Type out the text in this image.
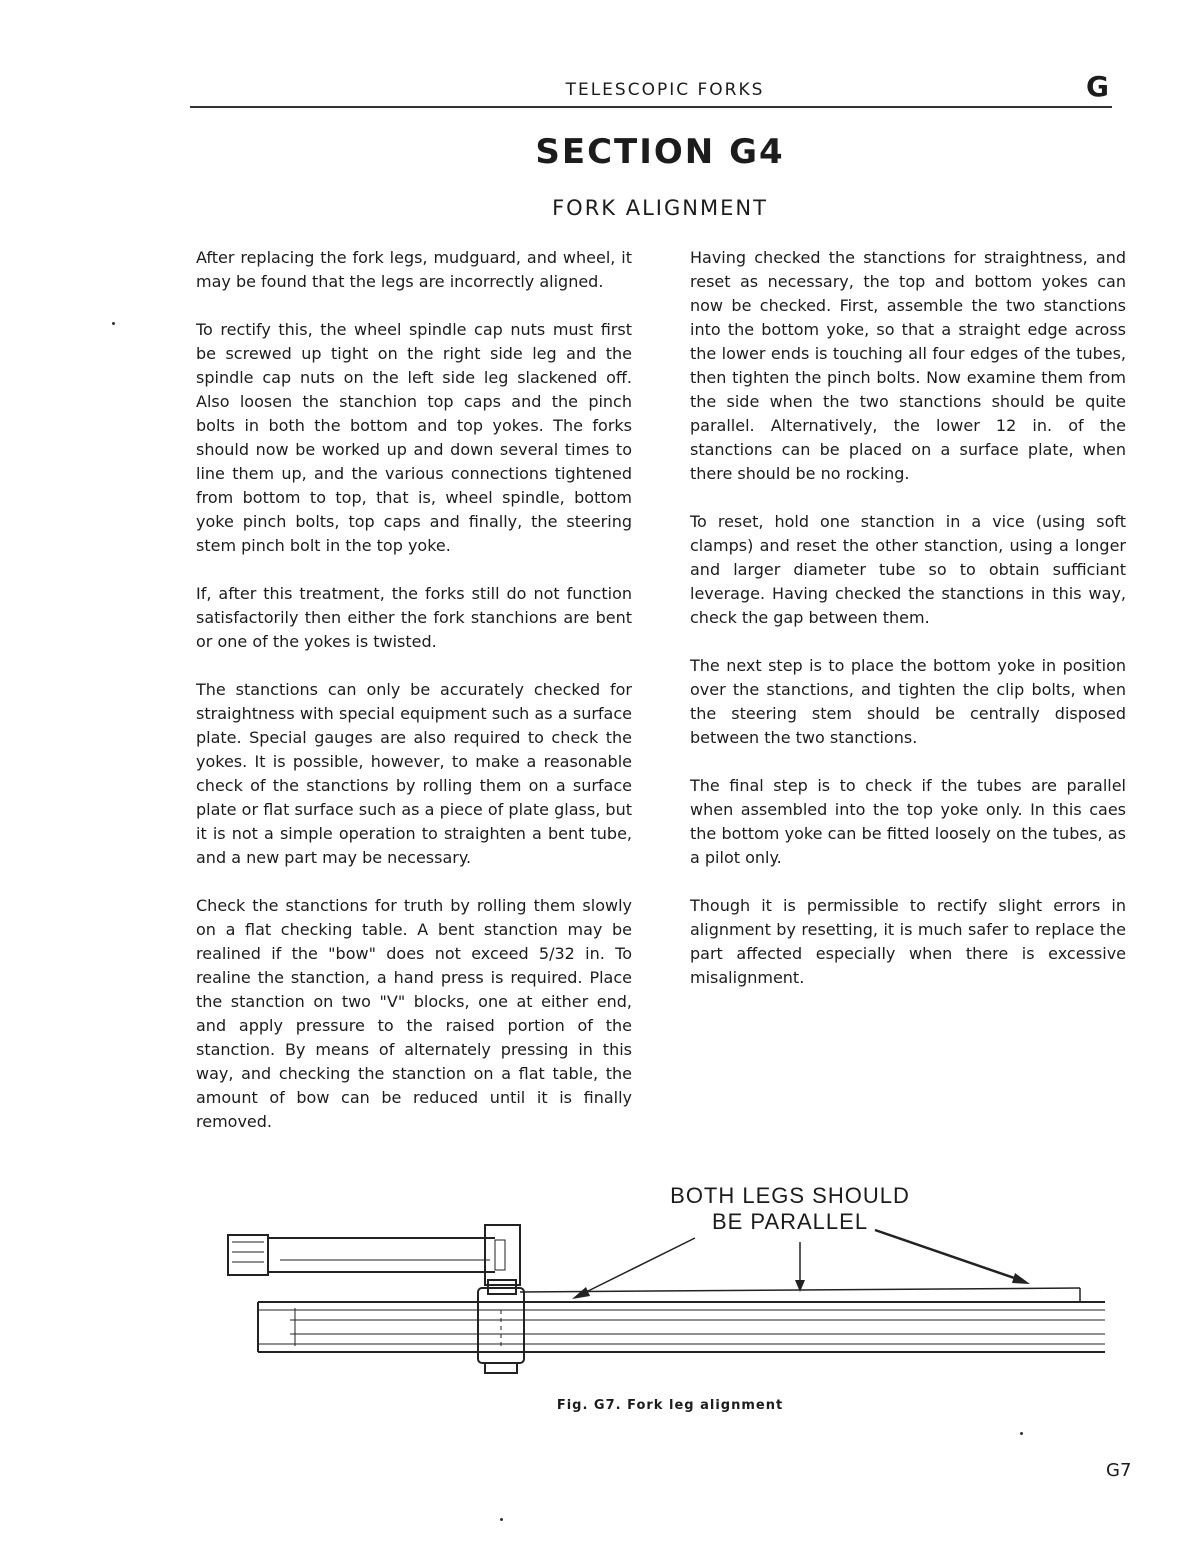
TELESCOPIC FORKS	G
SECTION G4
FORK ALIGNMENT

After replacing the fork legs, mudguard, and wheel, it may be found that the legs are incorrectly aligned.

To rectify this, the wheel spindle cap nuts must first be screwed up tight on the right side leg and the spindle cap nuts on the left side leg slackened off. Also loosen the stanchion top caps and the pinch bolts in both the bottom and top yokes. The forks should now be worked up and down several times to line them up, and the various connections tightened from bottom to top, that is, wheel spindle, bottom yoke pinch bolts, top caps and finally, the steering stem pinch bolt in the top yoke.

If, after this treatment, the forks still do not function satisfactorily then either the fork stanchions are bent or one of the yokes is twisted.

The stanctions can only be accurately checked for straightness with special equipment such as a surface plate. Special gauges are also required to check the yokes. It is possible, however, to make a reasonable check of the stanctions by rolling them on a surface plate or flat surface such as a piece of plate glass, but it is not a simple operation to straighten a bent tube, and a new part may be necessary.

Check the stanctions for truth by rolling them slowly on a flat checking table. A bent stanction may be realined if the "bow" does not exceed 5/32 in. To realine the stanction, a hand press is required. Place the stanction on two "V" blocks, one at either end, and apply pressure to the raised portion of the stanction. By means of alternately pressing in this way, and checking the stanction on a flat table, the amount of bow can be reduced until it is finally removed.

Having checked the stanctions for straightness, and reset as necessary, the top and bottom yokes can now be checked. First, assemble the two stanctions into the bottom yoke, so that a straight edge across the lower ends is touching all four edges of the tubes, then tighten the pinch bolts. Now examine them from the side when the two stanctions should be quite parallel. Alternatively, the lower 12 in. of the stanctions can be placed on a surface plate, when there should be no rocking.

To reset, hold one stanction in a vice (using soft clamps) and reset the other stanction, using a longer and larger diameter tube so to obtain sufficiant leverage. Having checked the stanctions in this way, check the gap between them.

The next step is to place the bottom yoke in position over the stanctions, and tighten the clip bolts, when the steering stem should be centrally disposed between the two stanctions.

The final step is to check if the tubes are parallel when assembled into the top yoke only. In this caes the bottom yoke can be fitted loosely on the tubes, as a pilot only.

Though it is permissible to rectify slight errors in alignment by resetting, it is much safer to replace the part affected especially when there is excessive misalignment.

BOTH LEGS SHOULD
BE PARALLEL
Fig. G7. Fork leg alignment
G7
